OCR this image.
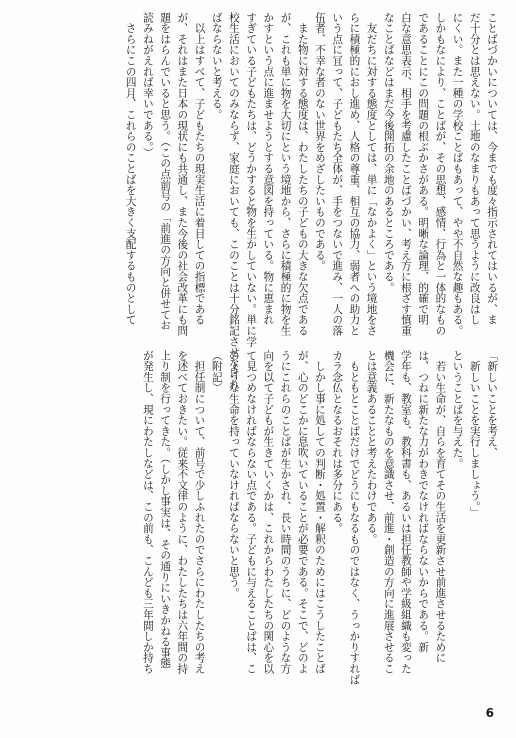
ことばづかいについては、今までも度々指示されてはいるが、ま

だ十分とは思えない。土地のなまりもあって思うように改良はし

にくい。また一種の学校ことばもあって、やや不自然な趣もある。

しかもなにより、ことばが、その思想、感情、行為と一体的なもの

であることにこの問題の根ぶかさがある。明晰な論理、的確で明

白な意思表示、相手を考慮したことばづかい、考え方に根ざす慎重

なことばなどはまだ今後開拓の余地のあるところである。

　友だちに対する態度としては、単に「なかよく」という境地をさ

らに積極的におし進め、人格の尊重、相互の協力、弱者への助力と

いう点に冝って、子どもたち全体が、手をつないで進み、一人の落

伍者、不幸な者のない世界をめざしたいものである。

　また物に対する態度は、わたしたちの子どもの大きな欠点である

が、これも単に物を大切にという境地から、さらに積極的に物を生

かすという点に進ませようとする意図を持っている。物に恵まれ

すぎている子どもたちは、どうかすると物を生かしていない。単に学

校生活においてのみならず、家庭においても、このことは十分銘記させなけれ

ばならないと考える。

　以上はすべて、子どもたちの現実生活に着目しての指標である

が、それはまた日本の現状にも共通し、また今後の社会改革にも問

題をはらんでいると思う。（この点前号の「前進の方向と併せてお

読みねがえれば幸いである。）

　さらにこの四月、これらのことばを大きく支配するものとして

「新しいことを考え、

　新しいことを実行しましょう。」

ということばを与えた。

　若い生命が、自らを育てその生活を更新させ前進させるために

は、つねに新たな力がわきでなければならないからである。新

学年も、教室も、教科書も、あるいは担任教師や学級組織も変った

機会に、新たなものを意識させ、前進・創造の方向に進展させるこ

とは意義あることと考えたわけである。

　もともとことばだけでどうにもなるものではなく、うっかりすれば

カラ念仏となるおそれは多分にある。

　しかし事に処しての判断・処置・解釈のためにはこうしたことば

が、心のどこかに息吹いていることが必要である。そこで、どのよ

うにこれらのことばが生かされ、長い時間のうちに、どのような方

向を以て子どもが生きていくかは、これからわたしたちの関心を以

て見つめなければならない点である。子どもに与えることばは、こ

のような生命を持っていなければならないと思う。

（附記）

　担任制について、前号で少しふれたのでさらにわたしたちの考え

を述べておきたい。従来不文律のように、わたしたちは六年間の持

上り制を行ってきた。（しかし事実は、その通りにいきかねる事態

が発生し、現にわたしなどは、この前も、こんども三年間しか持ち

6
